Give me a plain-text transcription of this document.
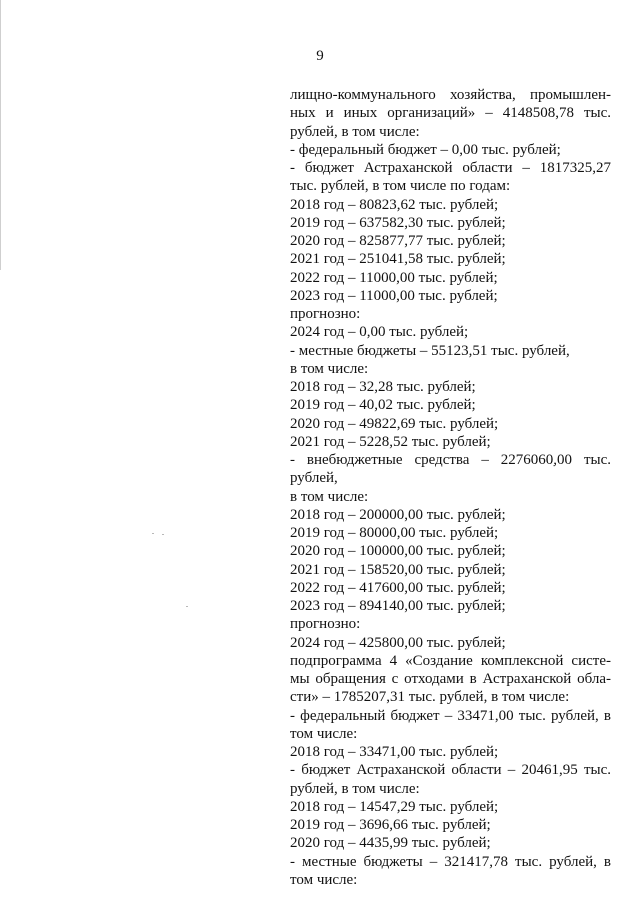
9
лищно-коммунального хозяйства, промышлен-
ных и иных организаций» – 4148508,78 тыс.
рублей, в том числе:
- федеральный бюджет – 0,00 тыс. рублей;
- бюджет Астраханской области – 1817325,27
тыс. рублей, в том числе по годам:
2018 год – 80823,62 тыс. рублей;
2019 год – 637582,30 тыс. рублей;
2020 год – 825877,77 тыс. рублей;
2021 год – 251041,58 тыс. рублей;
2022 год – 11000,00 тыс. рублей;
2023 год – 11000,00 тыс. рублей;
прогнозно:
2024 год – 0,00 тыс. рублей;
- местные бюджеты – 55123,51 тыс. рублей,
в том числе:
2018 год – 32,28 тыс. рублей;
2019 год – 40,02 тыс. рублей;
2020 год – 49822,69 тыс. рублей;
2021 год – 5228,52 тыс. рублей;
- внебюджетные средства – 2276060,00 тыс.
рублей,
в том числе:
2018 год – 200000,00 тыс. рублей;
2019 год – 80000,00 тыс. рублей;
2020 год – 100000,00 тыс. рублей;
2021 год – 158520,00 тыс. рублей;
2022 год – 417600,00 тыс. рублей;
2023 год – 894140,00 тыс. рублей;
прогнозно:
2024 год – 425800,00 тыс. рублей;
подпрограмма 4 «Создание комплексной систе-
мы обращения с отходами в Астраханской обла-
сти» – 1785207,31 тыс. рублей, в том числе:
- федеральный бюджет – 33471,00 тыс. рублей, в
том числе:
2018 год – 33471,00 тыс. рублей;
- бюджет Астраханской области – 20461,95 тыс.
рублей, в том числе:
2018 год – 14547,29 тыс. рублей;
2019 год – 3696,66 тыс. рублей;
2020 год – 4435,99 тыс. рублей;
- местные бюджеты – 321417,78 тыс. рублей, в
том числе:
